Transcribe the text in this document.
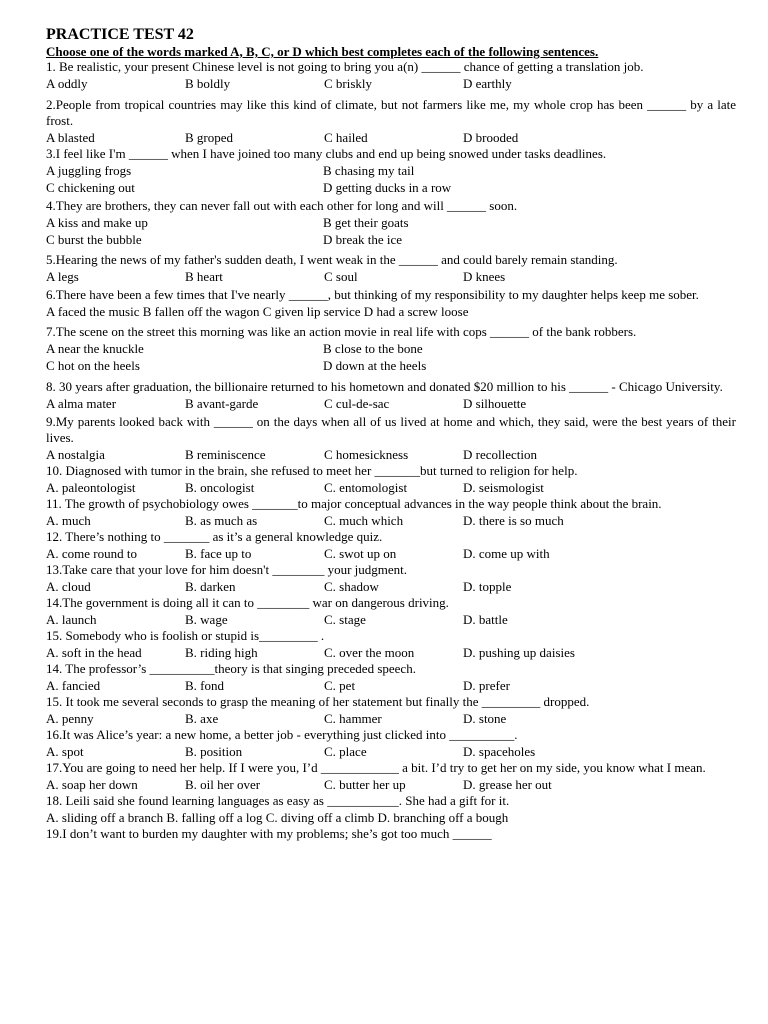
PRACTICE TEST 42
Choose one of the words marked A, B, C, or D which best completes each of the following sentences.
1. Be realistic, your present Chinese level is not going to bring you a(n) ______ chance of getting a translation job.
A oddly	B boldly	C briskly	D earthly
2.People from tropical countries may like this kind of climate, but not farmers like me, my whole crop has been ______ by a late frost.
A blasted	B groped	C hailed	D brooded
3.I feel like I'm ______ when I have joined too many clubs and end up being snowed under tasks deadlines.
A juggling frogs	B chasing my tail
C chickening out	D getting ducks in a row
4.They are brothers, they can never fall out with each other for long and will ______ soon.
A kiss and make up	B get their goats
C burst the bubble	D break the ice
5.Hearing the news of my father's sudden death, I went weak in the ______ and could barely remain standing.
A legs	B heart	C soul	D knees
6.There have been a few times that I've nearly ______, but thinking of my responsibility to my daughter helps keep me sober.
A faced the music B fallen off the wagon C given lip service D had a screw loose
7.The scene on the street this morning was like an action movie in real life with cops ______ of the bank robbers.
A near the knuckle	B close to the bone
C hot on the heels	D down at the heels
8. 30 years after graduation, the billionaire returned to his hometown and donated $20 million to his ______ - Chicago University.
A alma mater	B avant-garde	C cul-de-sac	D silhouette
9.My parents looked back with ______ on the days when all of us lived at home and which, they said, were the best years of their lives.
A nostalgia	B reminiscence	C homesickness	D recollection
10. Diagnosed with tumor in the brain, she refused to meet her _______but turned to religion for help.
A. paleontologist	B. oncologist	C. entomologist	D. seismologist
11. The growth of psychobiology owes _______to major conceptual advances in the way people think about the brain.
A. much	B. as much as	C. much which	D. there is so much
12. There’s nothing to _______ as it’s a general knowledge quiz.
A. come round to	B. face up to	C. swot up on	D. come up with
13.Take care that your love for him doesn't ________ your judgment.
A. cloud	B. darken	C. shadow	D. topple
14.The government is doing all it can to ________ war on dangerous driving.
A. launch	B. wage	C. stage	D. battle
15. Somebody who is foolish or stupid is_________ .
A. soft in the head	B. riding high	C. over the moon	D. pushing up daisies
14. The professor’s __________theory is that singing preceded speech.
A. fancied	B. fond	C. pet	D. prefer
15. It took me several seconds to grasp the meaning of her statement but finally the _________ dropped.
A. penny	B. axe	C. hammer	D. stone
16.It was Alice’s year: a new home, a better job - everything just clicked into __________.
A. spot	B. position	C. place	D. spaceholes
17.You are going to need her help. If I were you, I’d ____________ a bit. I’d try to get her on my side, you know what I mean.
A. soap her down	B. oil her over	C. butter her up	D. grease her out
18. Leili said she found learning languages as easy as ___________. She had a gift for it.
A. sliding off a branch B. falling off a log C. diving off a climb D. branching off a bough
19.I don’t want to burden my daughter with my problems; she’s got too much ______
